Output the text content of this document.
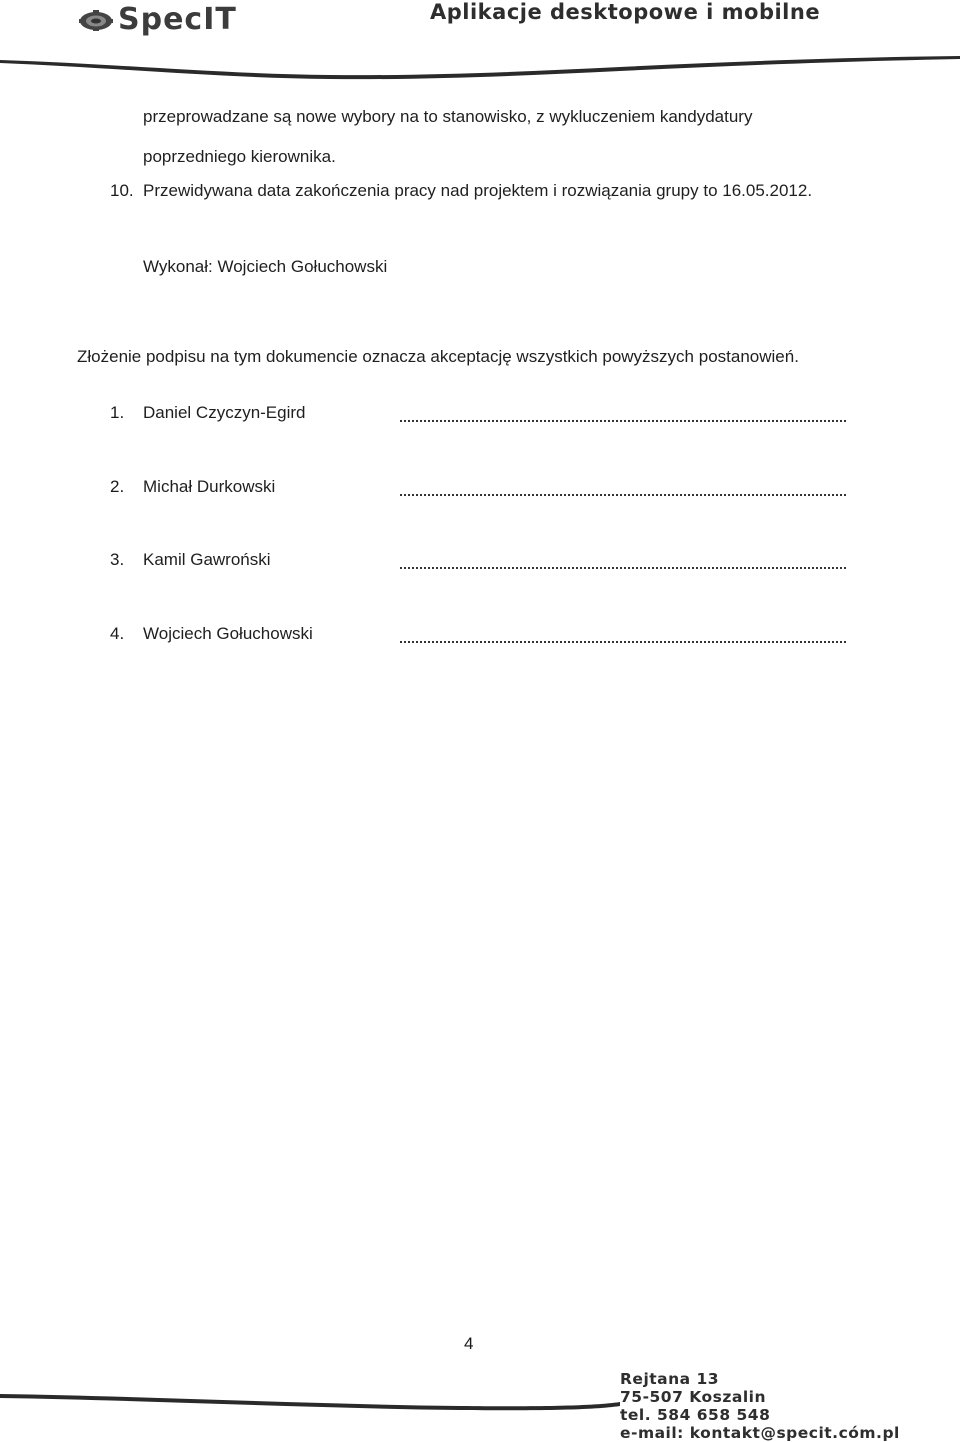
SpecIT	Aplikacje desktopowe i mobilne
przeprowadzane są nowe wybory na to stanowisko, z wykluczeniem kandydatury
poprzedniego kierownika.
10. Przewidywana data zakończenia pracy nad projektem i rozwiązania grupy to 16.05.2012.
Wykonał: Wojciech Gołuchowski
Złożenie podpisu na tym dokumencie oznacza akceptację wszystkich powyższych postanowień.
1. Daniel Czyczyn-Egird
2. Michał Durkowski
3. Kamil Gawroński
4. Wojciech Gołuchowski
4
Rejtana 13
75-507 Koszalin
tel. 584 658 548
e-mail: kontakt@specit.cóm.pl
